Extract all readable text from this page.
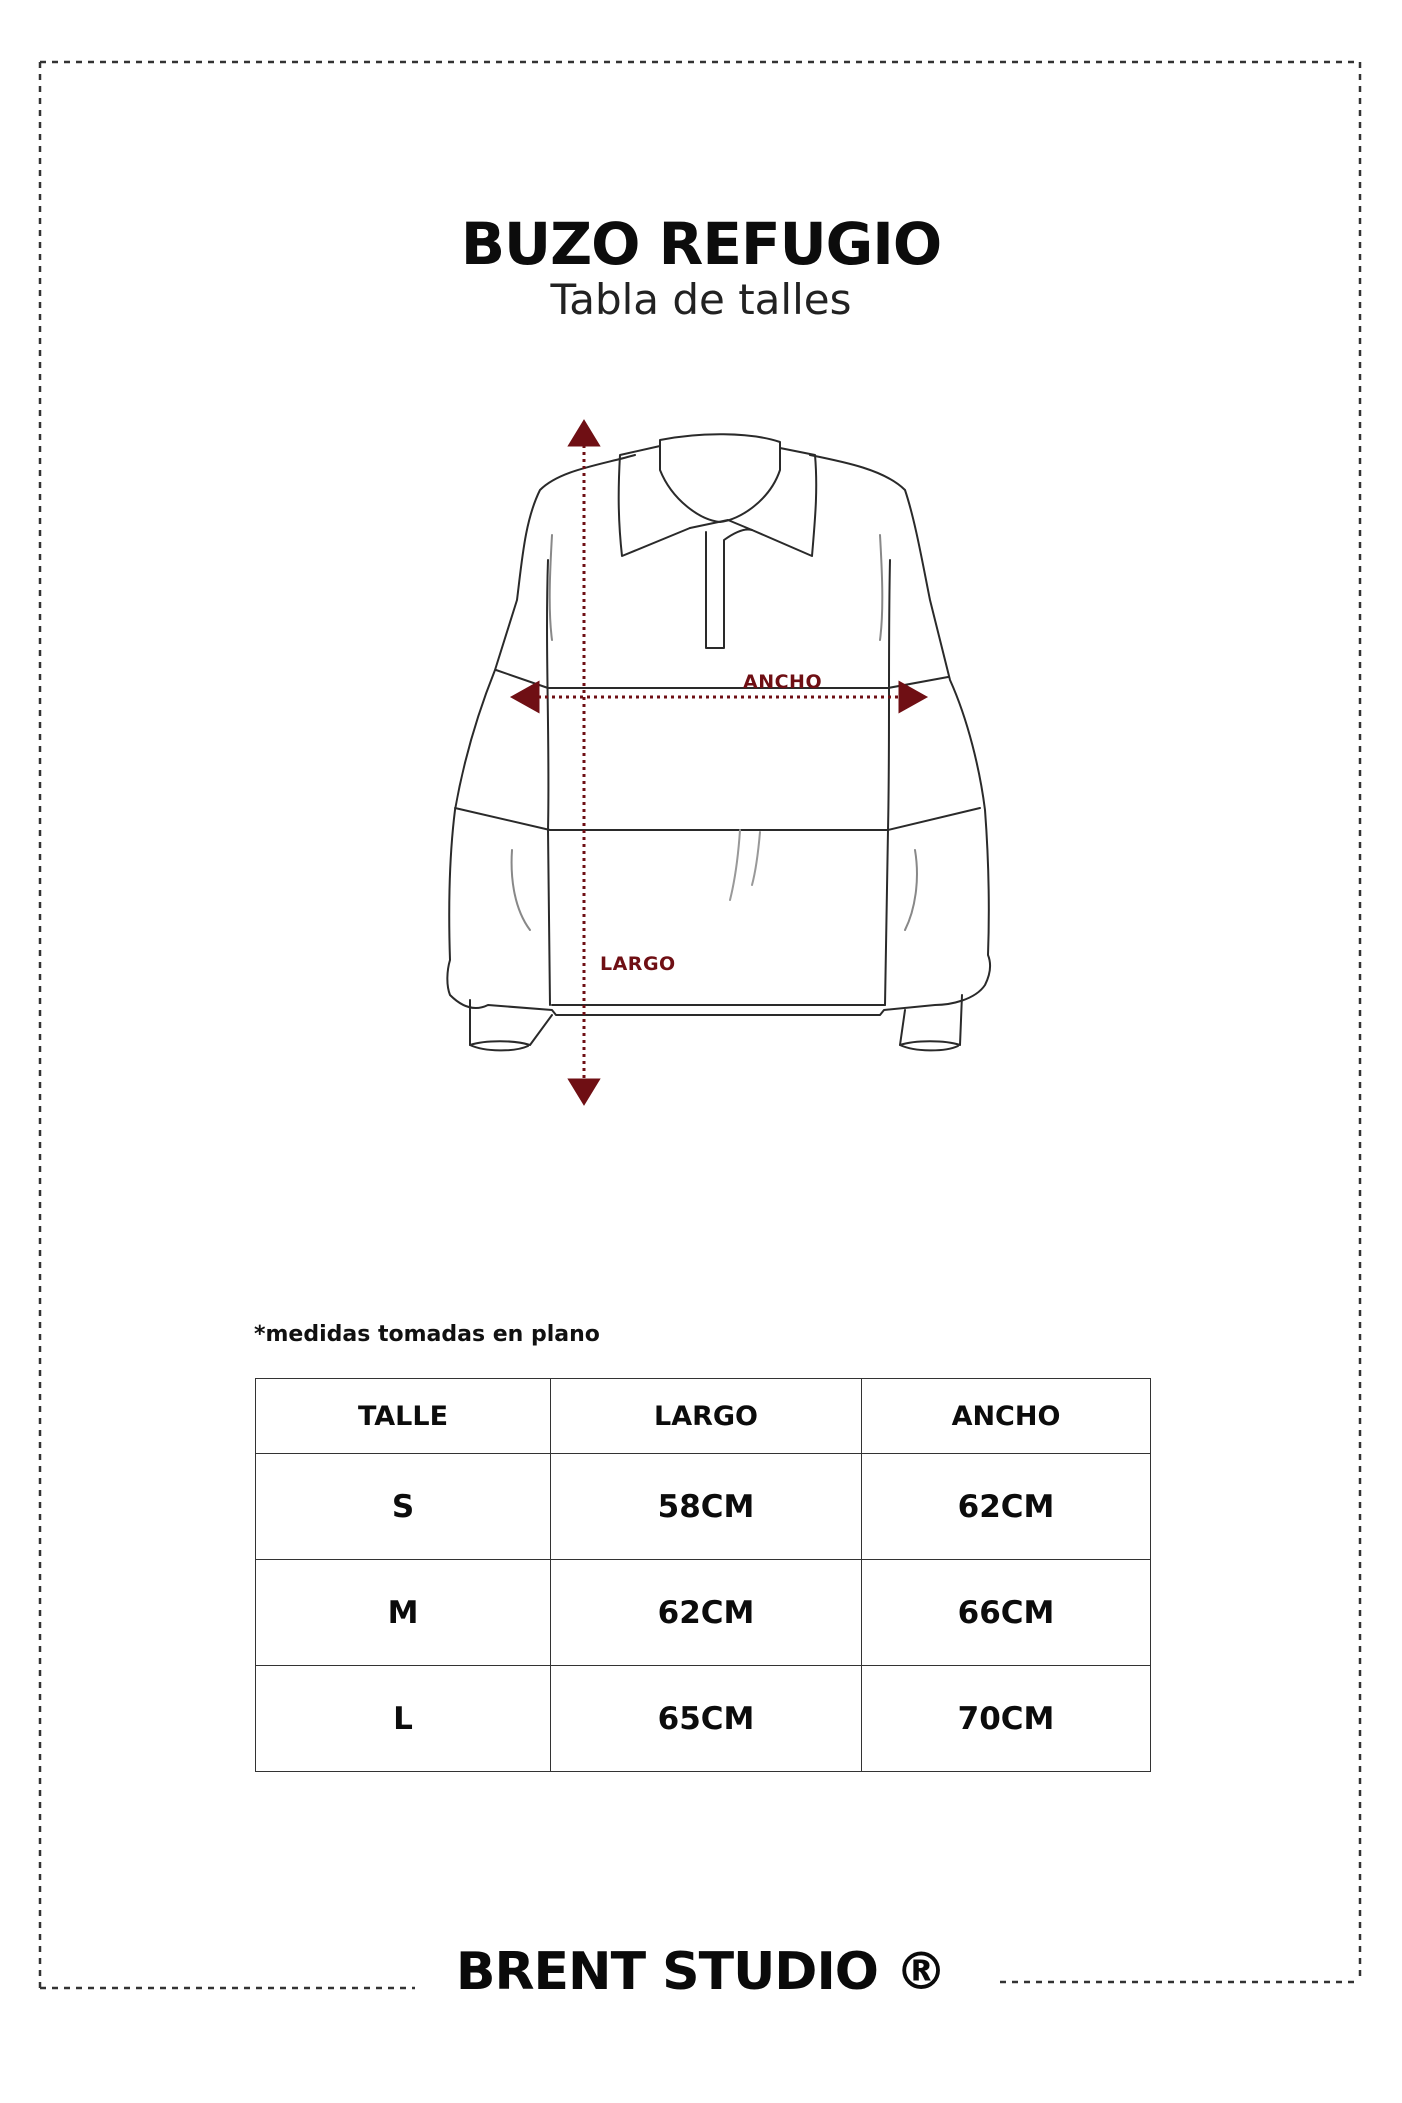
BUZO REFUGIO
Tabla de talles
ANCHO
LARGO
*medidas tomadas en plano
TALLE	LARGO	ANCHO
S	58CM	62CM
M	62CM	66CM
L	65CM	70CM
BRENT STUDIO ®
